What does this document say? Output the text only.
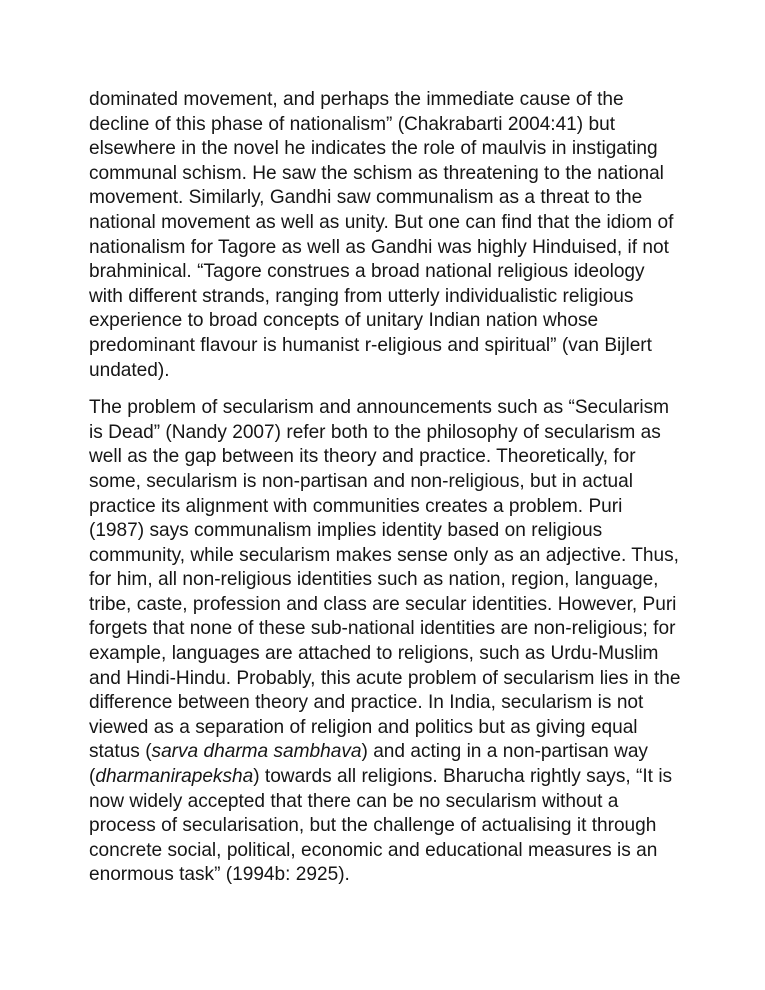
dominated movement, and perhaps the immediate cause of the decline of this phase of nationalism” (Chakrabarti 2004:41) but elsewhere in the novel he indicates the role of maulvis in instigating communal schism. He saw the schism as threatening to the national movement. Similarly, Gandhi saw communalism as a threat to the national movement as well as unity. But one can find that the idiom of nationalism for Tagore as well as Gandhi was highly Hinduised, if not brahminical. “Tagore construes a broad national religious ideology with different strands, ranging from utterly individualistic religious experience to broad concepts of unitary Indian nation whose predominant flavour is humanist r-eligious and spiritual” (van Bijlert undated).

The problem of secularism and announcements such as “Secularism is Dead” (Nandy 2007) refer both to the philosophy of secularism as well as the gap between its theory and practice. Theoretically, for some, secularism is non-partisan and non-religious, but in actual practice its alignment with communities creates a problem. Puri (1987) says communalism implies identity based on religious community, while secularism makes sense only as an adjective. Thus, for him, all non-religious identities such as nation, region, language, tribe, caste, profession and class are secular identities. However, Puri forgets that none of these sub-national identities are non-religious; for example, languages are attached to religions, such as Urdu-Muslim and Hindi-Hindu. Probably, this acute problem of secularism lies in the difference between theory and practice. In India, secularism is not viewed as a separation of religion and politics but as giving equal status (sarva dharma sambhava) and acting in a non-partisan way (dharmanirapeksha) towards all religions. Bharucha rightly says, “It is now widely accepted that there can be no secularism without a process of secularisation, but the challenge of actualising it through concrete social, political, economic and educational measures is an enormous task” (1994b: 2925).
